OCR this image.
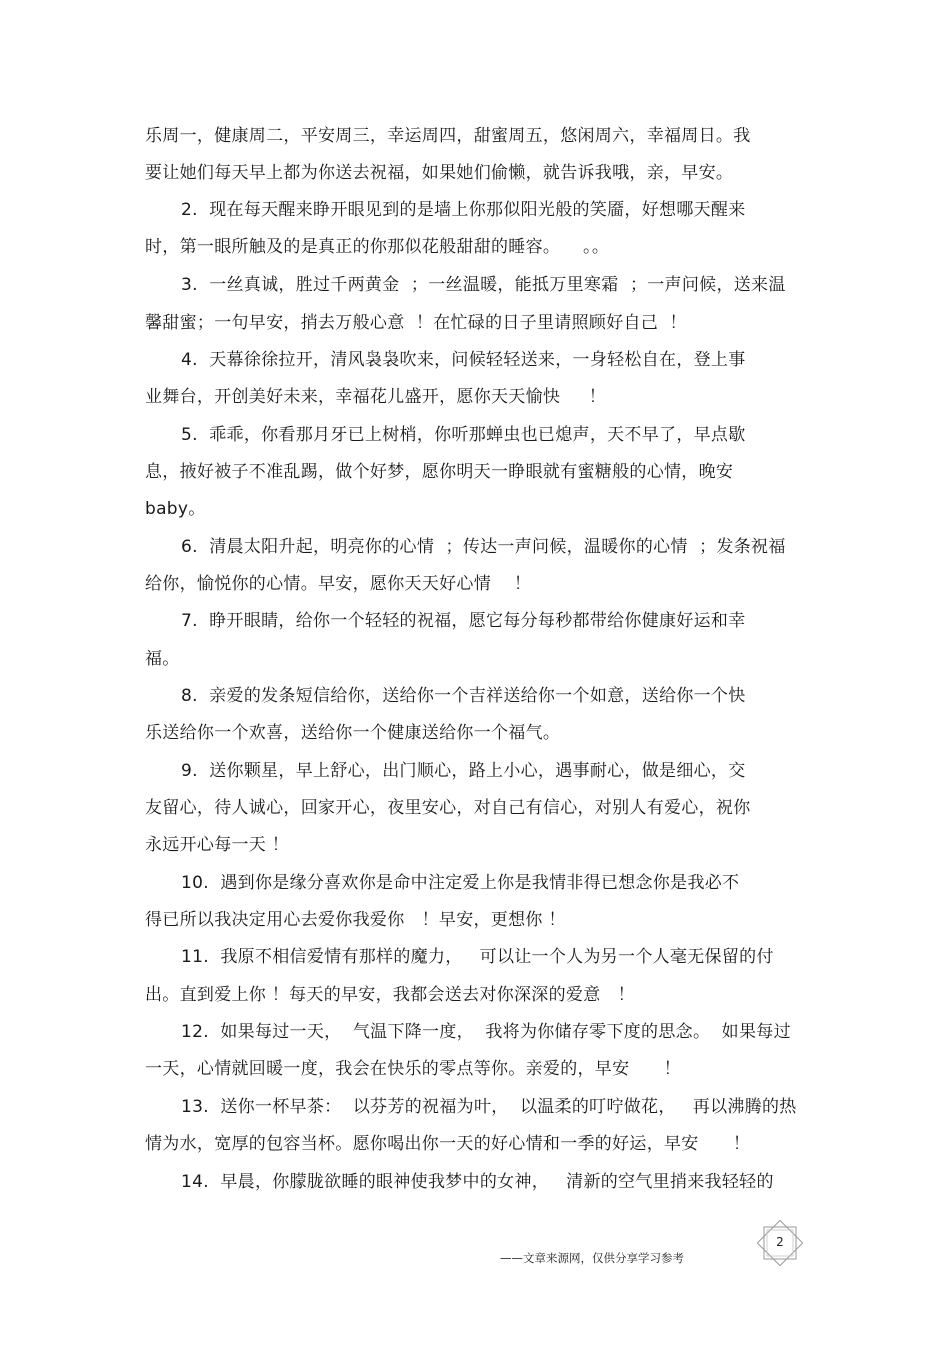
乐周一，健康周二，平安周三，幸运周四，甜蜜周五，悠闲周六，幸福周日。我
要让她们每天早上都为你送去祝福，如果她们偷懒，就告诉我哦，亲，早安。
2.  现在每天醒来睁开眼见到的是墙上你那似阳光般的笑靥，好想哪天醒来
时，第一眼所触及的是真正的你那似花般甜甜的睡容。    。。
3.  一丝真诚，胜过千两黄金  ；一丝温暖，能抵万里寒霜  ；一声问候，送来温
馨甜蜜；一句早安，捎去万般心意  ！在忙碌的日子里请照顾好自己  ！
4.  天幕徐徐拉开，清风袅袅吹来，问候轻轻送来，一身轻松自在，登上事
业舞台，开创美好未来，幸福花儿盛开，愿你天天愉快     ！
5.  乖乖，你看那月牙已上树梢，你听那蝉虫也已熄声，天不早了，早点歇
息，掖好被子不准乱踢，做个好梦，愿你明天一睁眼就有蜜糖般的心情，晚安
baby。
6.  清晨太阳升起，明亮你的心情  ；传达一声问候，温暖你的心情  ；发条祝福
给你，愉悦你的心情。早安，愿你天天好心情    ！
7.  睁开眼睛，给你一个轻轻的祝福，愿它每分每秒都带给你健康好运和幸
福。
8.  亲爱的发条短信给你，送给你一个吉祥送给你一个如意，送给你一个快
乐送给你一个欢喜，送给你一个健康送给你一个福气。
9.  送你颗星，早上舒心，出门顺心，路上小心，遇事耐心，做是细心，交
友留心，待人诚心，回家开心，夜里安心，对自己有信心，对别人有爱心，祝你
永远开心每一天 ！
10.  遇到你是缘分喜欢你是命中注定爱上你是我情非得已想念你是我必不
得已所以我决定用心去爱你我爱你   ！早安，更想你 ！
11.  我原不相信爱情有那样的魔力，   可以让一个人为另一个人毫无保留的付
出。直到爱上你 ！每天的早安，我都会送去对你深深的爱意   ！
12.  如果每过一天，  气温下降一度，  我将为你储存零下度的思念。  如果每过
一天，心情就回暖一度，我会在快乐的零点等你。亲爱的，早安      ！
13.  送你一杯早茶：  以芬芳的祝福为叶，  以温柔的叮咛做花，   再以沸腾的热
情为水，宽厚的包容当杯。愿你喝出你一天的好心情和一季的好运，早安      ！
14.  早晨，你朦胧欲睡的眼神使我梦中的女神，   清新的空气里捎来我轻轻的
——文章来源网，仅供分享学习参考
2
